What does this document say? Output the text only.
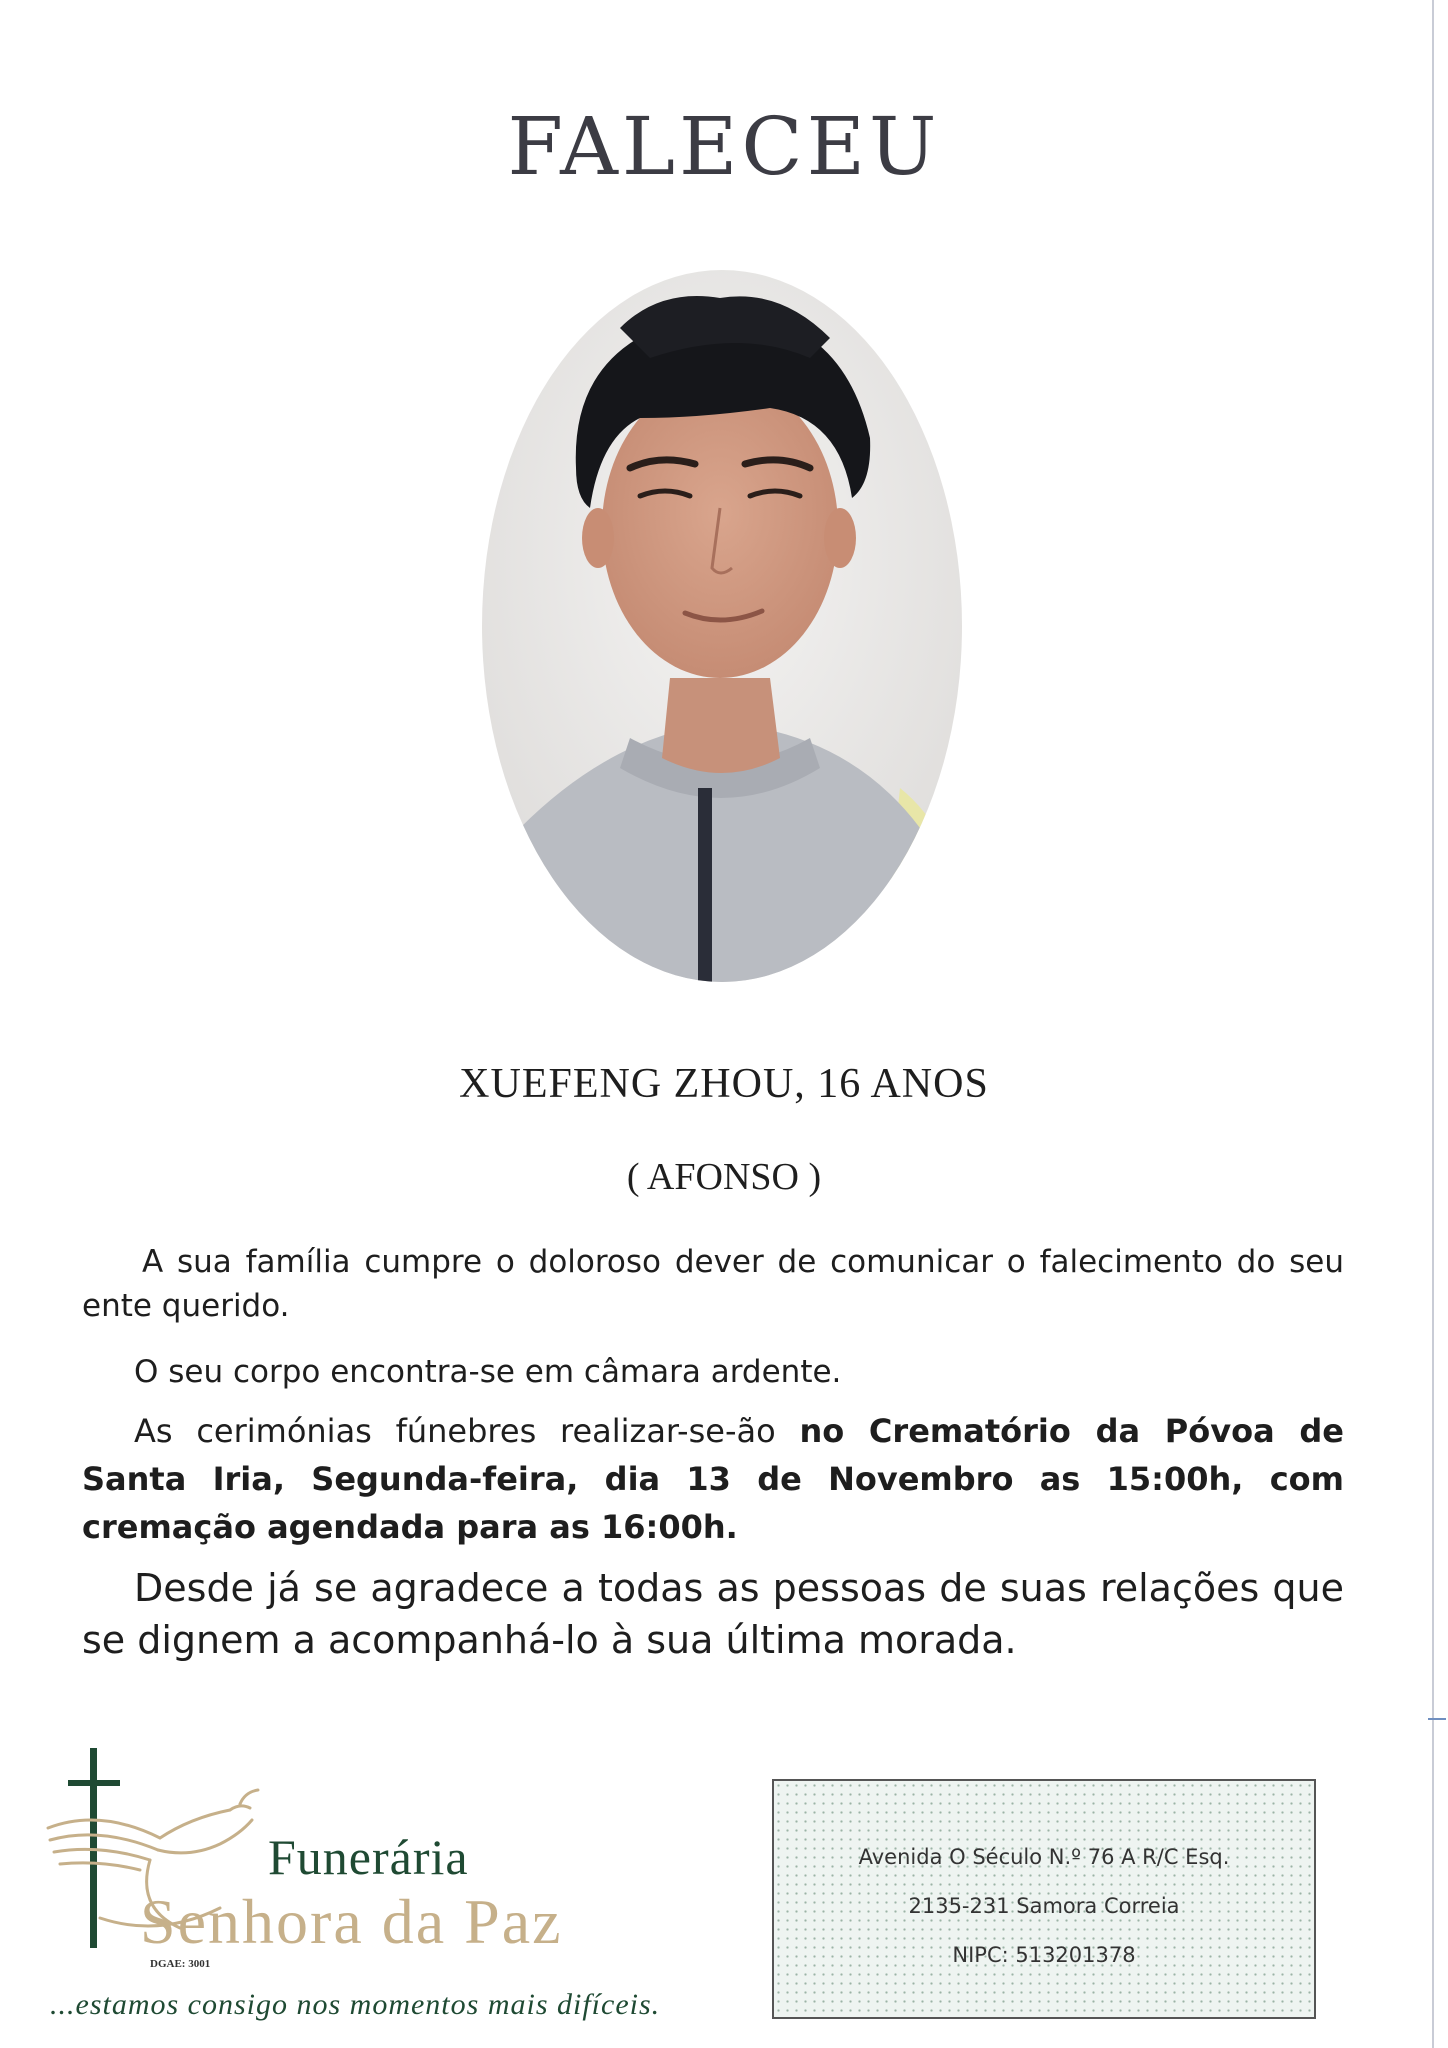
FALECEU
XUEFENG ZHOU, 16 ANOS
( AFONSO )
A sua família cumpre o doloroso dever de comunicar o falecimento do seu ente querido.
O seu corpo encontra-se em câmara ardente.
As cerimónias fúnebres realizar-se-ão no Crematório da Póvoa de Santa Iria, Segunda-feira, dia 13 de Novembro as 15:00h, com cremação agendada para as 16:00h.
Desde já se agradece a todas as pessoas de suas relações que se dignem a acompanhá-lo à sua última morada.
Funerária
Senhora da Paz
DGAE: 3001
...estamos consigo nos momentos mais difíceis.
Avenida O Século N.º 76 A R/C Esq.
2135-231 Samora Correia
NIPC: 513201378
